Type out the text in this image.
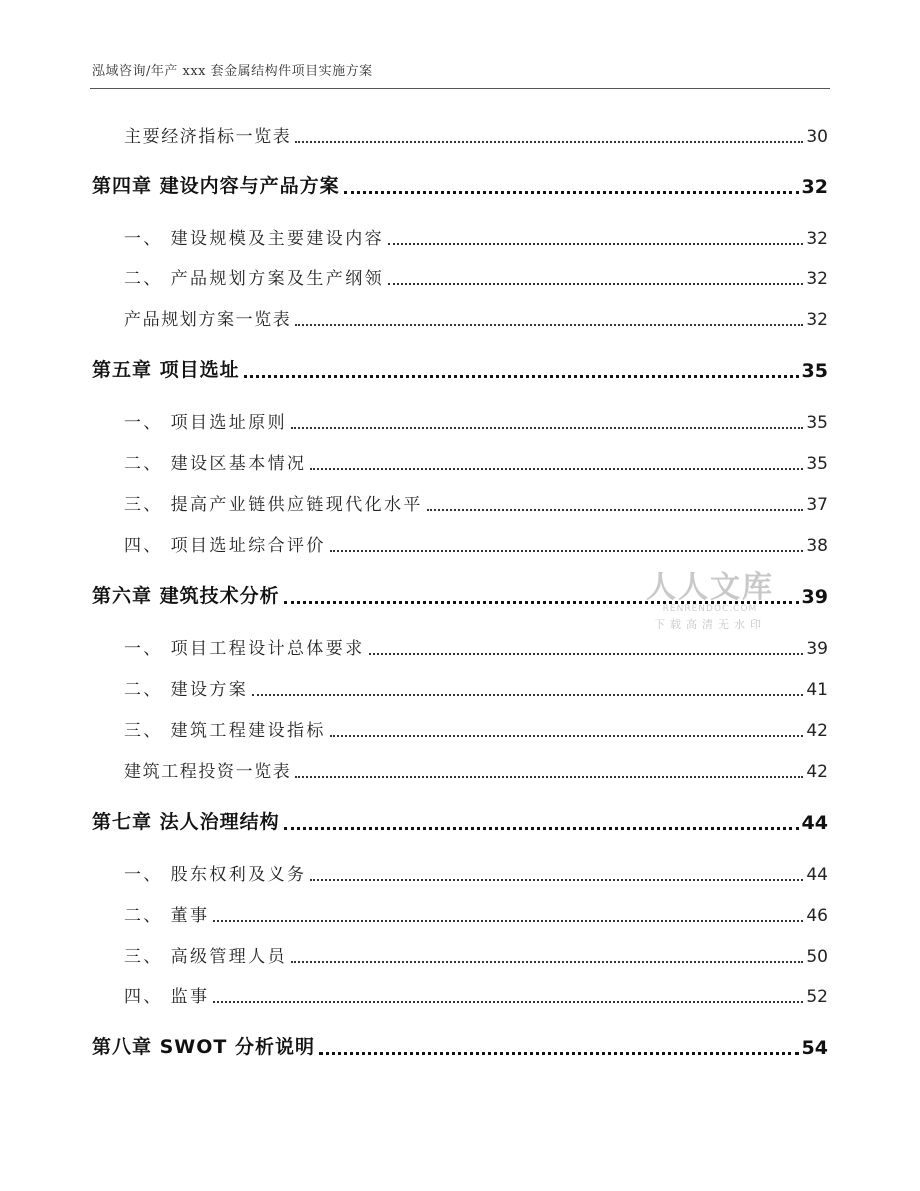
泓域咨询/年产 xxx 套金属结构件项目实施方案
主要经济指标一览表	30
第四章 建设内容与产品方案	32
一、 建设规模及主要建设内容	32
二、 产品规划方案及生产纲领	32
产品规划方案一览表	32
第五章 项目选址	35
一、 项目选址原则	35
二、 建设区基本情况	35
三、 提高产业链供应链现代化水平	37
四、 项目选址综合评价	38
第六章 建筑技术分析	39
一、 项目工程设计总体要求	39
二、 建设方案	41
三、 建筑工程建设指标	42
建筑工程投资一览表	42
第七章 法人治理结构	44
一、 股东权利及义务	44
二、 董事	46
三、 高级管理人员	50
四、 监事	52
第八章 SWOT 分析说明	54
人人文库
RENRENDOC.COM
下载高清无水印
